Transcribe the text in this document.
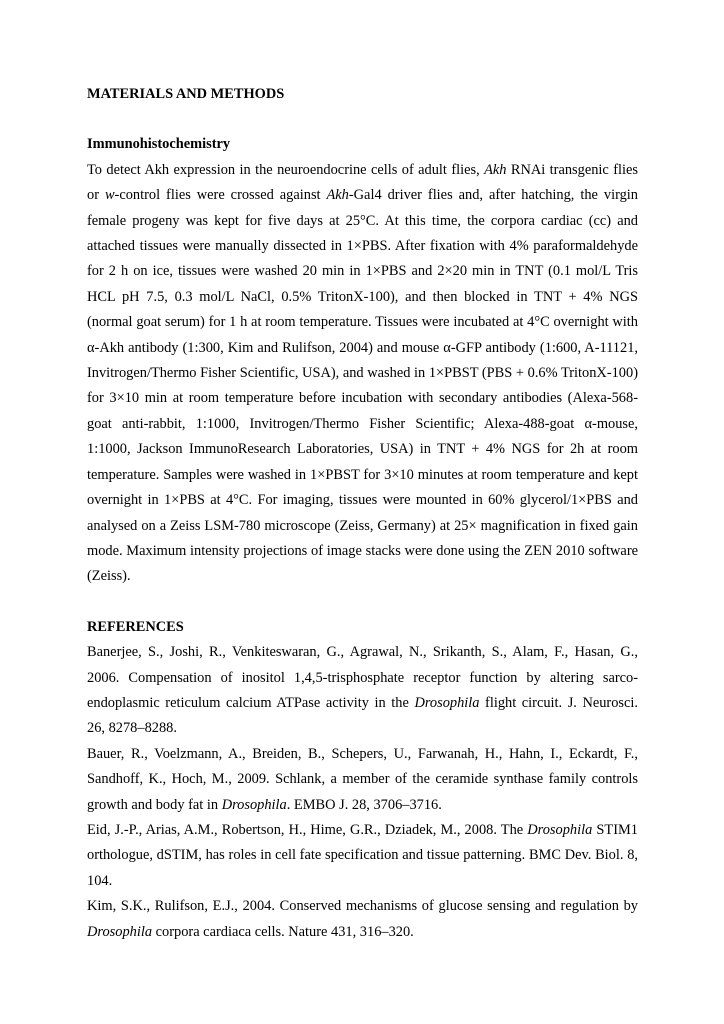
MATERIALS AND METHODS

Immunohistochemistry

To detect Akh expression in the neuroendocrine cells of adult flies, Akh RNAi transgenic flies or w-control flies were crossed against Akh-Gal4 driver flies and, after hatching, the virgin female progeny was kept for five days at 25°C. At this time, the corpora cardiac (cc) and attached tissues were manually dissected in 1×PBS. After fixation with 4% paraformaldehyde for 2 h on ice, tissues were washed 20 min in 1×PBS and 2×20 min in TNT (0.1 mol/L Tris HCL pH 7.5, 0.3 mol/L NaCl, 0.5% TritonX-100), and then blocked in TNT + 4% NGS (normal goat serum) for 1 h at room temperature. Tissues were incubated at 4°C overnight with α-Akh antibody (1:300, Kim and Rulifson, 2004) and mouse α-GFP antibody (1:600, A-11121, Invitrogen/Thermo Fisher Scientific, USA), and washed in 1×PBST (PBS + 0.6% TritonX-100) for 3×10 min at room temperature before incubation with secondary antibodies (Alexa-568-goat anti-rabbit, 1:1000, Invitrogen/Thermo Fisher Scientific; Alexa-488-goat α-mouse, 1:1000, Jackson ImmunoResearch Laboratories, USA) in TNT + 4% NGS for 2h at room temperature. Samples were washed in 1×PBST for 3×10 minutes at room temperature and kept overnight in 1×PBS at 4°C. For imaging, tissues were mounted in 60% glycerol/1×PBS and analysed on a Zeiss LSM-780 microscope (Zeiss, Germany) at 25× magnification in fixed gain mode. Maximum intensity projections of image stacks were done using the ZEN 2010 software (Zeiss).

REFERENCES

Banerjee, S., Joshi, R., Venkiteswaran, G., Agrawal, N., Srikanth, S., Alam, F., Hasan, G., 2006. Compensation of inositol 1,4,5-trisphosphate receptor function by altering sarco-endoplasmic reticulum calcium ATPase activity in the Drosophila flight circuit. J. Neurosci. 26, 8278–8288.

Bauer, R., Voelzmann, A., Breiden, B., Schepers, U., Farwanah, H., Hahn, I., Eckardt, F., Sandhoff, K., Hoch, M., 2009. Schlank, a member of the ceramide synthase family controls growth and body fat in Drosophila. EMBO J. 28, 3706–3716.

Eid, J.-P., Arias, A.M., Robertson, H., Hime, G.R., Dziadek, M., 2008. The Drosophila STIM1 orthologue, dSTIM, has roles in cell fate specification and tissue patterning. BMC Dev. Biol. 8, 104.

Kim, S.K., Rulifson, E.J., 2004. Conserved mechanisms of glucose sensing and regulation by Drosophila corpora cardiaca cells. Nature 431, 316–320.
